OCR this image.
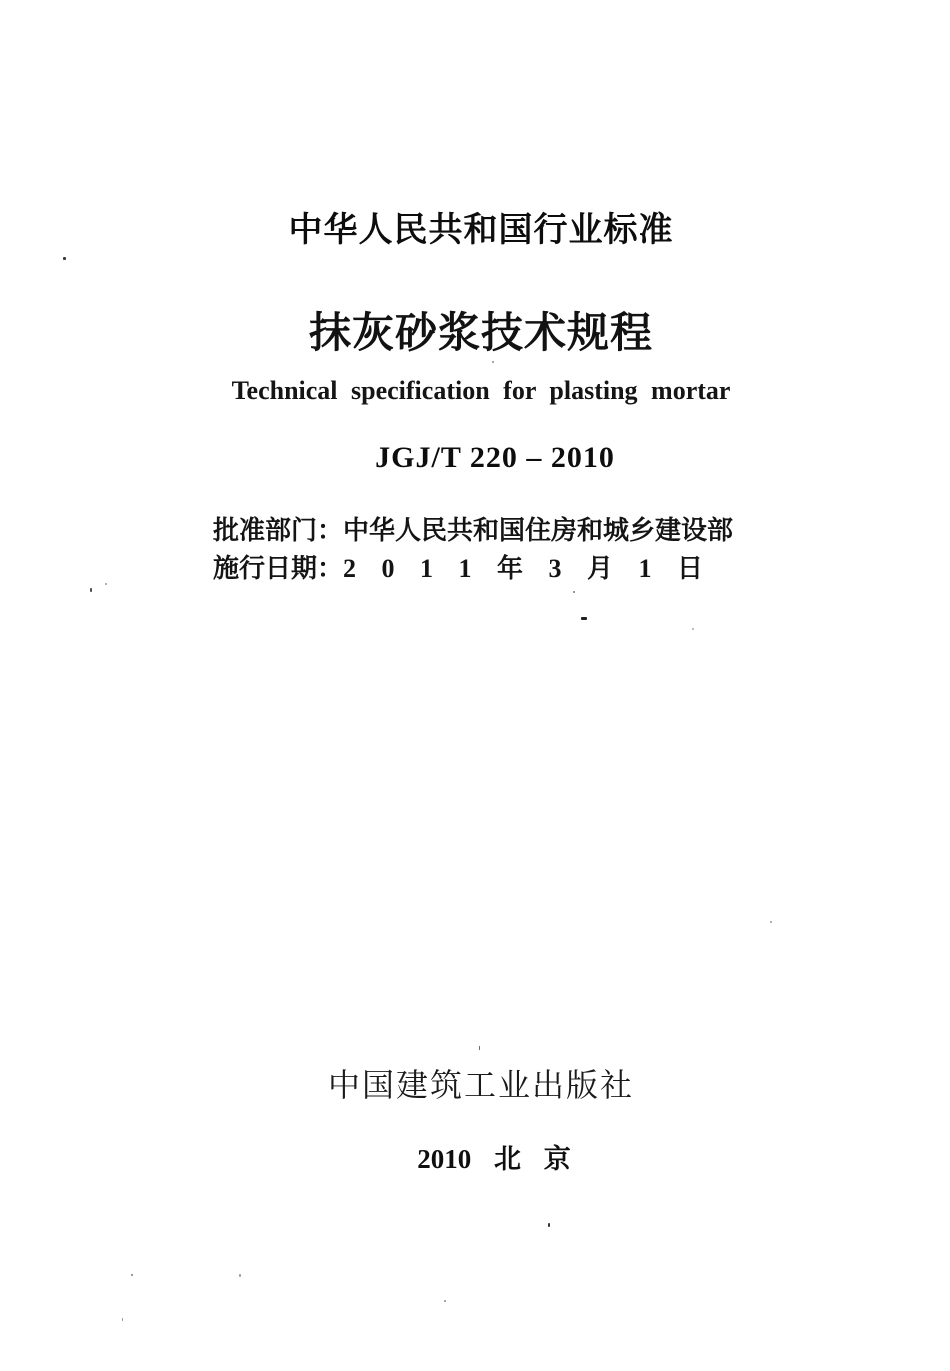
中华人民共和国行业标准
抹灰砂浆技术规程
Technical specification for plasting mortar
JGJ/T 220 – 2010
批准部门：中华人民共和国住房和城乡建设部
施行日期：2 0 1 1 年 3 月 1 日
中国建筑工业出版社
2010 北 京
